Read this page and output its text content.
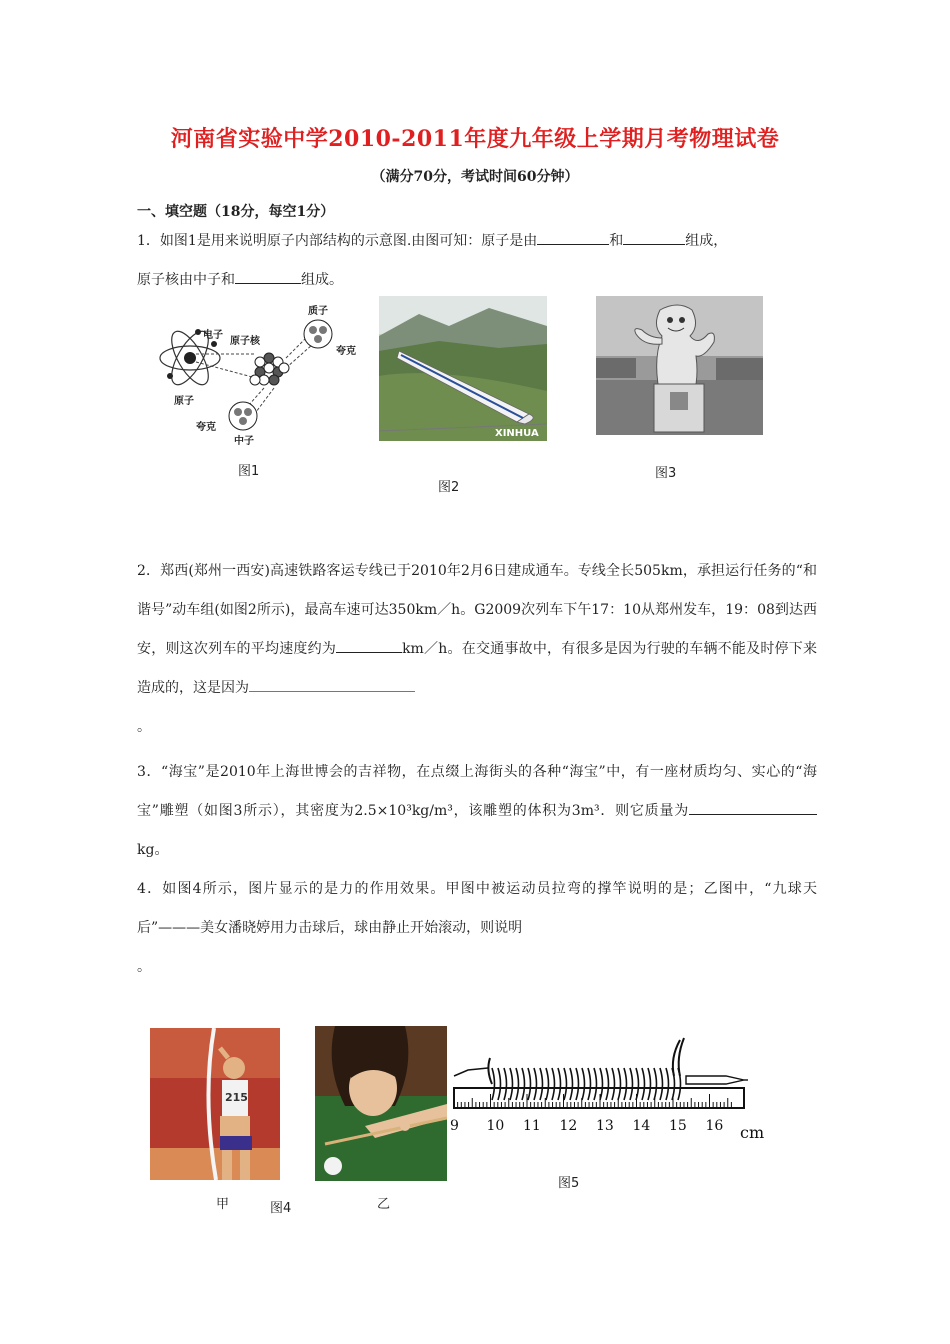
河南省实验中学2010-2011年度九年级上学期月考物理试卷
（满分70分，考试时间60分钟）
一、填空题（18分，每空1分）

1．如图1是用来说明原子内部结构的示意图.由图可知：原子是由	和	组成，

原子核由中子和	组成。

电子
质子
原子核
夸克
原子
夸克
中子
图1
XINHUA
图2
图3

2．郑西(郑州一西安)高速铁路客运专线已于2010年2月6日建成通车。专线全长505km，承担运行任务的“和谐号”动车组(如图2所示)，最高车速可达350km／h。G2009次列车下午17：10从郑州发车，19：08到达西安，则这次列车的平均速度约为	km／h。在交通事故中，有很多是因为行驶的车辆不能及时停下来造成的，这是因为

。

3．“海宝”是2010年上海世博会的吉祥物，在点缀上海街头的各种“海宝”中，有一座材质均匀、实心的“海宝”雕塑（如图3所示），其密度为2.5×10³kg/m³，该雕塑的体积为3m³．则它质量为kg。

4．如图4所示，图片显示的是力的作用效果。甲图中被运动员拉弯的撑竿说明的是；乙图中，“九球天后”———美女潘晓婷用力击球后，球由静止开始滚动，则说明

。

215
甲	图4	乙
9 10 11 12 13 14 15 16 cm
图5
